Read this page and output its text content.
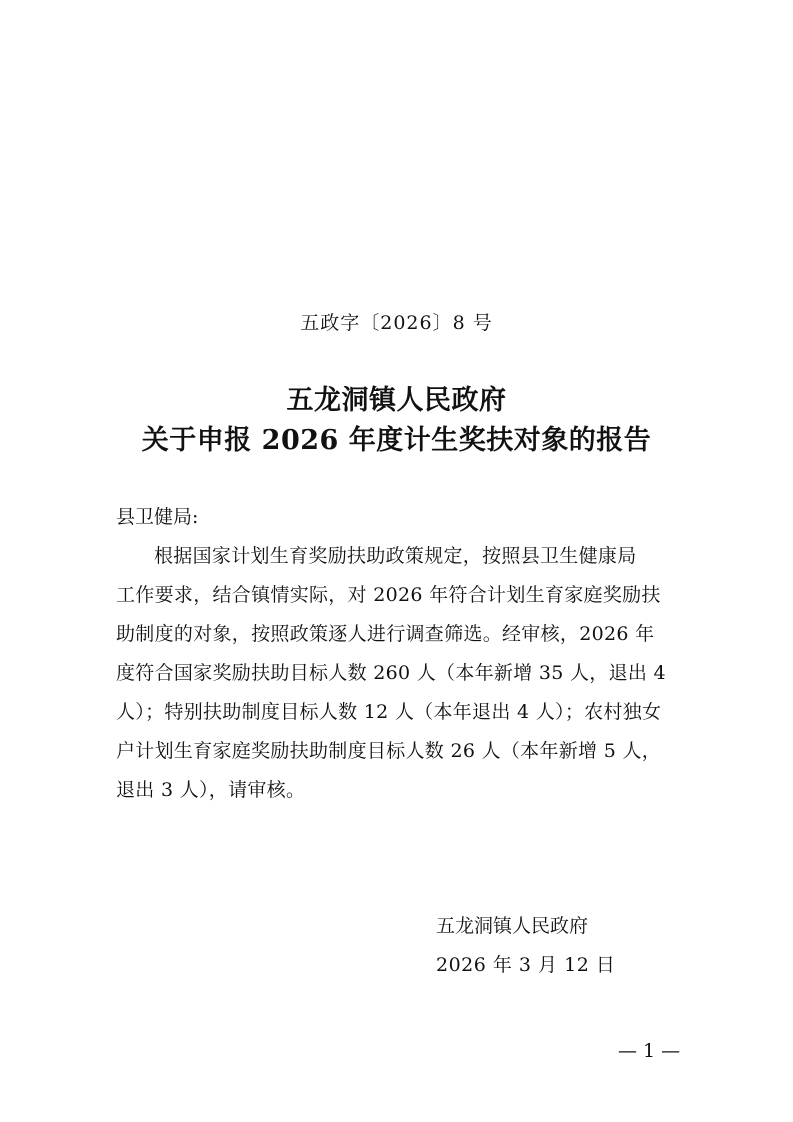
五政字〔2026〕8 号
五龙洞镇人民政府
关于申报 2026 年度计生奖扶对象的报告
县卫健局:
根据国家计划生育奖励扶助政策规定，按照县卫生健康局
工作要求，结合镇情实际，对 2026 年符合计划生育家庭奖励扶
助制度的对象，按照政策逐人进行调查筛选。经审核，2026 年
度符合国家奖励扶助目标人数 260 人（本年新增 35 人，退出 4
人）；特别扶助制度目标人数 12 人（本年退出 4 人）；农村独女
户计划生育家庭奖励扶助制度目标人数 26 人（本年新增 5 人，
退出 3 人），请审核。
五龙洞镇人民政府
2026 年 3 月 12 日
— 1 —
